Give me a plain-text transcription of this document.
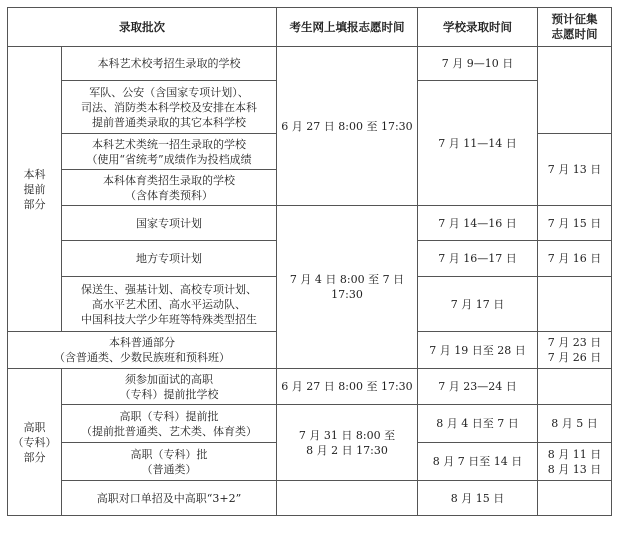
录取批次		考生网上填报志愿时间	学校录取时间	预计征集
志愿时间
本科
提前
部分	本科艺术校考招生录取的学校	6 月 27 日 8:00 至 17:30	7 月 9—10 日	
	军队、公安（含国家专项计划）、
司法、消防类本科学校及安排在本科
提前普通类录取的其它本科学校		7 月 11—14 日	
	本科艺术类统一招生录取的学校
（使用“省统考”成绩作为投档成绩			7 月 13 日
	本科体育类招生录取的学校
（含体育类预科）			
	国家专项计划	7 月 4 日 8:00 至 7 日 17:30	7 月 14—16 日	7 月 15 日
	地方专项计划		7 月 16—17 日	7 月 16 日
	保送生、强基计划、高校专项计划、
高水平艺术团、高水平运动队、
中国科技大学少年班等特殊类型招生		7 月 17 日	
本科普通部分
（含普通类、少数民族班和预科班）			7 月 19 日至 28 日	7 月 23 日
7 月 26 日
高职
（专科）
部分	须参加面试的高职
（专科）提前批学校	6 月 27 日 8:00 至 17:30	7 月 23—24 日	
	高职（专科）提前批
（提前批普通类、艺术类、体育类）	7 月 31 日 8:00 至
8 月 2 日 17:30	8 月 4 日至 7 日	8 月 5 日
	高职（专科）批
（普通类）		8 月 7 日至 14 日	8 月 11 日
8 月 13 日
	高职对口单招及中高职“3+2”		8 月 15 日	
